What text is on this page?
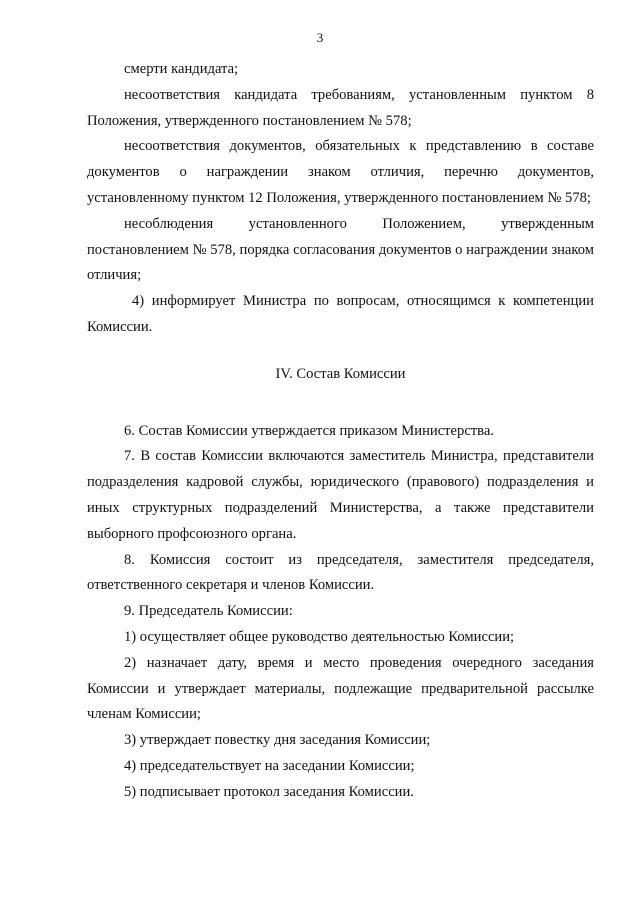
3

смерти кандидата;

несоответствия кандидата требованиям, установленным пунктом 8 Положения, утвержденного постановлением № 578;

несоответствия документов, обязательных к представлению в составе документов о награждении знаком отличия, перечню документов, установленному пунктом 12 Положения, утвержденного постановлением № 578;

несоблюдения установленного Положением, утвержденным постановлением № 578, порядка согласования документов о награждении знаком отличия;

4) информирует Министра по вопросам, относящимся к компетенции Комиссии.

IV. Состав Комиссии

6. Состав Комиссии утверждается приказом Министерства.

7. В состав Комиссии включаются заместитель Министра, представители подразделения кадровой службы, юридического (правового) подразделения и иных структурных подразделений Министерства, а также представители выборного профсоюзного органа.

8. Комиссия состоит из председателя, заместителя председателя, ответственного секретаря и членов Комиссии.

9. Председатель Комиссии:

1) осуществляет общее руководство деятельностью Комиссии;

2) назначает дату, время и место проведения очередного заседания Комиссии и утверждает материалы, подлежащие предварительной рассылке членам Комиссии;

3) утверждает повестку дня заседания Комиссии;

4) председательствует на заседании Комиссии;

5) подписывает протокол заседания Комиссии.
